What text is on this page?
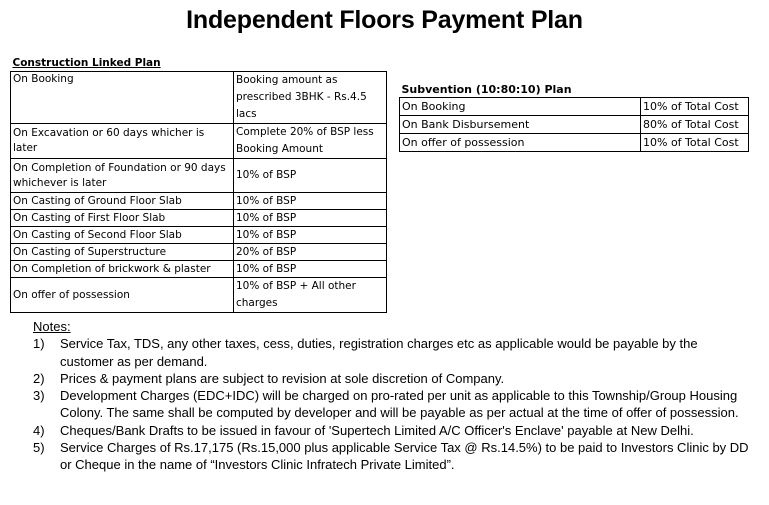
Independent Floors Payment Plan
Construction Linked Plan	
On Booking	Booking amount as prescribed 3BHK - Rs.4.5 lacs
On Excavation or 60 days whicher is later	Complete 20% of BSP less Booking Amount
On Completion of Foundation or 90 days whichever is later	10% of BSP
On Casting of Ground Floor Slab	10% of BSP
On Casting of First Floor Slab	10% of BSP
On Casting of Second Floor Slab	10% of BSP
On Casting of Superstructure	20% of BSP
On Completion of brickwork & plaster	10% of BSP
On offer of possession	10% of BSP + All other charges
Subvention (10:80:10) Plan	
On Booking	10% of Total Cost
On Bank Disbursement	80% of Total Cost
On offer of possession	10% of Total Cost
Notes:
1)	Service Tax, TDS, any other taxes, cess, duties, registration charges etc as applicable would be payable by the customer as per demand.
2)	Prices & payment plans are subject to revision at sole discretion of Company.
3)	Development Charges (EDC+IDC) will be charged on pro-rated per unit as applicable to this Township/Group Housing Colony. The same shall be computed by developer and will be payable as per actual at the time of offer of possession.
4)	Cheques/Bank Drafts to be issued in favour of 'Supertech Limited A/C Officer's Enclave' payable at New Delhi.
5)	Service Charges of Rs.17,175 (Rs.15,000 plus applicable Service Tax @ Rs.14.5%) to be paid to Investors Clinic by DD or Cheque in the name of “Investors Clinic Infratech Private Limited”.
